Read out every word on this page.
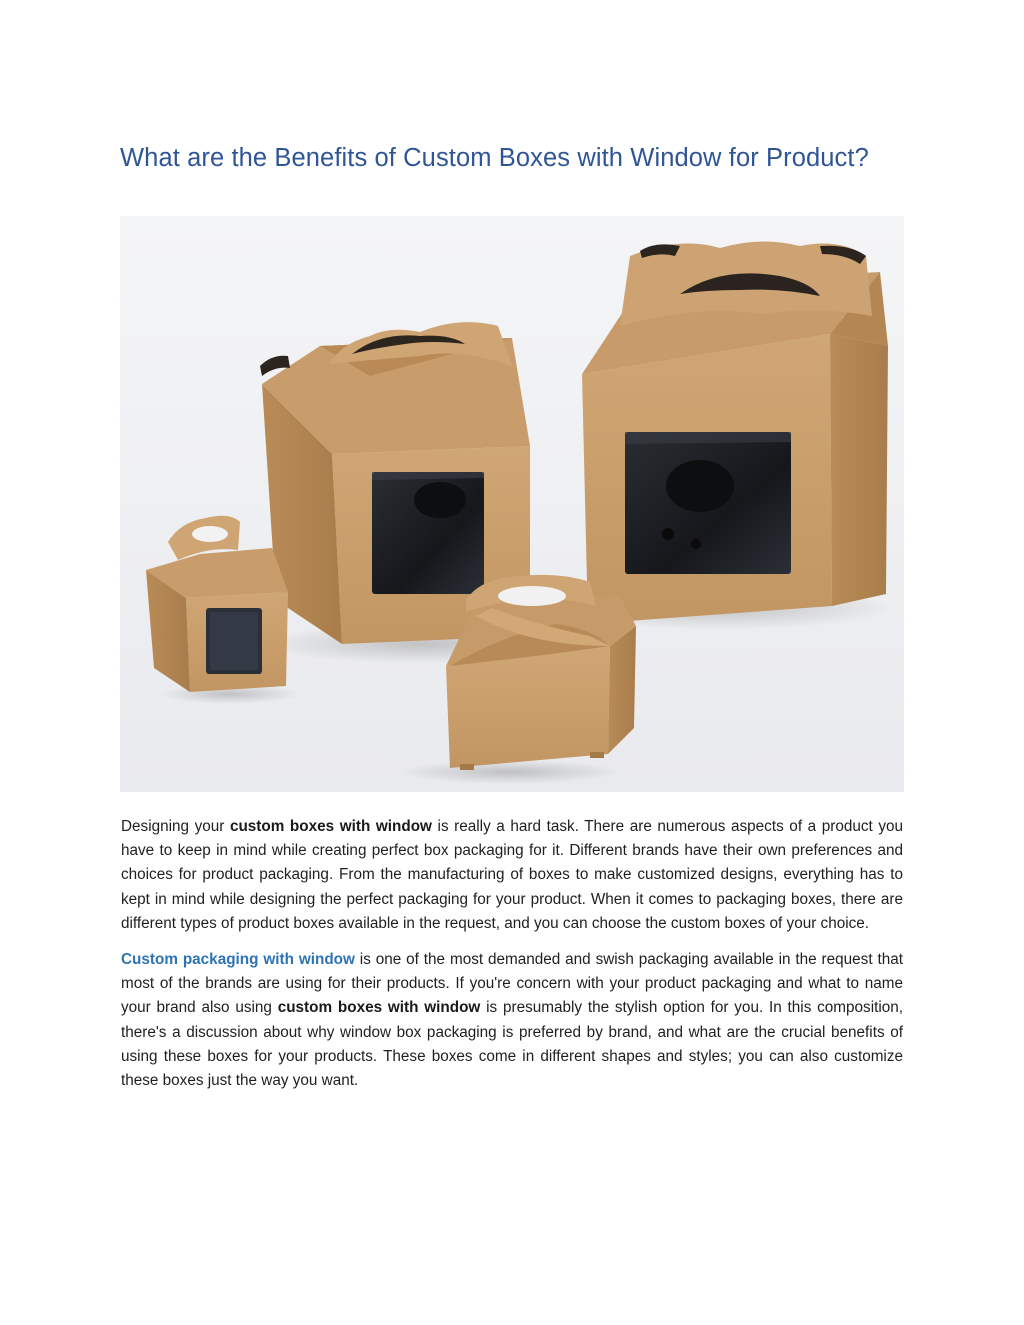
What are the Benefits of Custom Boxes with Window for Product?

Designing your custom boxes with window is really a hard task. There are numerous aspects of a product you have to keep in mind while creating perfect box packaging for it. Different brands have their own preferences and choices for product packaging. From the manufacturing of boxes to make customized designs, everything has to kept in mind while designing the perfect packaging for your product. When it comes to packaging boxes, there are different types of product boxes available in the request, and you can choose the custom boxes of your choice.

Custom packaging with window is one of the most demanded and swish packaging available in the request that most of the brands are using for their products. If you're concern with your product packaging and what to name your brand also using custom boxes with window is presumably the stylish option for you. In this composition, there's a discussion about why window box packaging is preferred by brand, and what are the crucial benefits of using these boxes for your products. These boxes come in different shapes and styles; you can also customize these boxes just the way you want.
